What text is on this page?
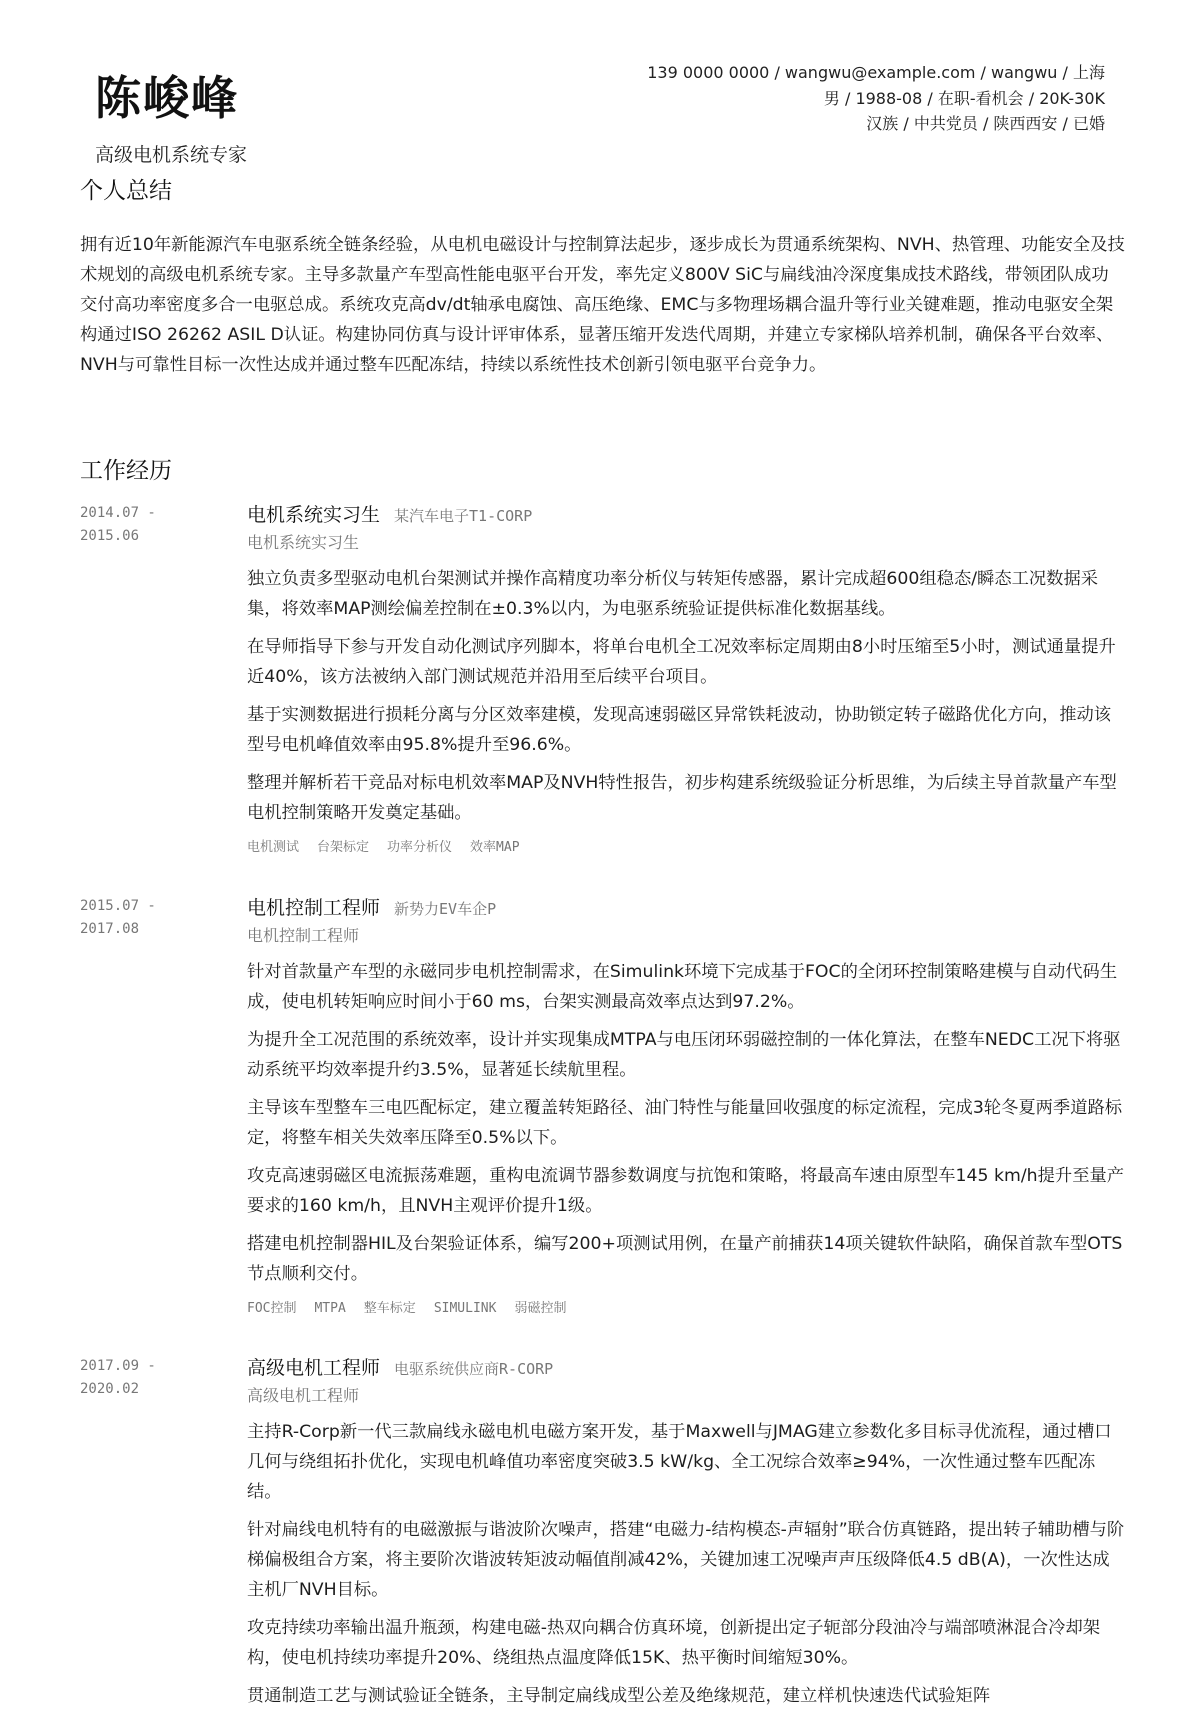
陈峻峰
高级电机系统专家
139 0000 0000 / wangwu@example.com / wangwu / 上海
男 / 1988-08 / 在职-看机会 / 20K-30K
汉族 / 中共党员 / 陕西西安 / 已婚
个人总结

拥有近10年新能源汽车电驱系统全链条经验，从电机电磁设计与控制算法起步，逐步成长为贯通系统架构、NVH、热管理、功能安全及技术规划的高级电机系统专家。主导多款量产车型高性能电驱平台开发，率先定义800V SiC与扁线油冷深度集成技术路线，带领团队成功交付高功率密度多合一电驱总成。系统攻克高dv/dt轴承电腐蚀、高压绝缘、EMC与多物理场耦合温升等行业关键难题，推动电驱安全架构通过ISO 26262 ASIL D认证。构建协同仿真与设计评审体系，显著压缩开发迭代周期，并建立专家梯队培养机制，确保各平台效率、NVH与可靠性目标一次性达成并通过整车匹配冻结，持续以系统性技术创新引领电驱平台竞争力。

工作经历
2014.07 -
2015.06
电机系统实习生 某汽车电子T1-CORP
电机系统实习生

独立负责多型驱动电机台架测试并操作高精度功率分析仪与转矩传感器，累计完成超600组稳态/瞬态工况数据采集，将效率MAP测绘偏差控制在±0.3%以内，为电驱系统验证提供标准化数据基线。

在导师指导下参与开发自动化测试序列脚本，将单台电机全工况效率标定周期由8小时压缩至5小时，测试通量提升近40%，该方法被纳入部门测试规范并沿用至后续平台项目。

基于实测数据进行损耗分离与分区效率建模，发现高速弱磁区异常铁耗波动，协助锁定转子磁路优化方向，推动该型号电机峰值效率由95.8%提升至96.6%。

整理并解析若干竞品对标电机效率MAP及NVH特性报告，初步构建系统级验证分析思维，为后续主导首款量产车型电机控制策略开发奠定基础。

电机测试 台架标定 功率分析仪 效率MAP
2015.07 -
2017.08
电机控制工程师 新势力EV车企P
电机控制工程师

针对首款量产车型的永磁同步电机控制需求，在Simulink环境下完成基于FOC的全闭环控制策略建模与自动代码生成，使电机转矩响应时间小于60 ms，台架实测最高效率点达到97.2%。

为提升全工况范围的系统效率，设计并实现集成MTPA与电压闭环弱磁控制的一体化算法，在整车NEDC工况下将驱动系统平均效率提升约3.5%，显著延长续航里程。

主导该车型整车三电匹配标定，建立覆盖转矩路径、油门特性与能量回收强度的标定流程，完成3轮冬夏两季道路标定，将整车相关失效率压降至0.5%以下。

攻克高速弱磁区电流振荡难题，重构电流调节器参数调度与抗饱和策略，将最高车速由原型车145 km/h提升至量产要求的160 km/h，且NVH主观评价提升1级。

搭建电机控制器HIL及台架验证体系，编写200+项测试用例，在量产前捕获14项关键软件缺陷，确保首款车型OTS节点顺利交付。

FOC控制 MTPA 整车标定 SIMULINK 弱磁控制
2017.09 -
2020.02
高级电机工程师 电驱系统供应商R-CORP
高级电机工程师

主持R-Corp新一代三款扁线永磁电机电磁方案开发，基于Maxwell与JMAG建立参数化多目标寻优流程，通过槽口几何与绕组拓扑优化，实现电机峰值功率密度突破3.5 kW/kg、全工况综合效率≥94%，一次性通过整车匹配冻结。

针对扁线电机特有的电磁激振与谐波阶次噪声，搭建“电磁力-结构模态-声辐射”联合仿真链路，提出转子辅助槽与阶梯偏极组合方案，将主要阶次谐波转矩波动幅值削减42%，关键加速工况噪声声压级降低4.5 dB(A)，一次性达成主机厂NVH目标。

攻克持续功率输出温升瓶颈，构建电磁-热双向耦合仿真环境，创新提出定子轭部分段油冷与端部喷淋混合冷却架构，使电机持续功率提升20%、绕组热点温度降低15K、热平衡时间缩短30%。

贯通制造工艺与测试验证全链条，主导制定扁线成型公差及绝缘规范，建立样机快速迭代试验矩阵
